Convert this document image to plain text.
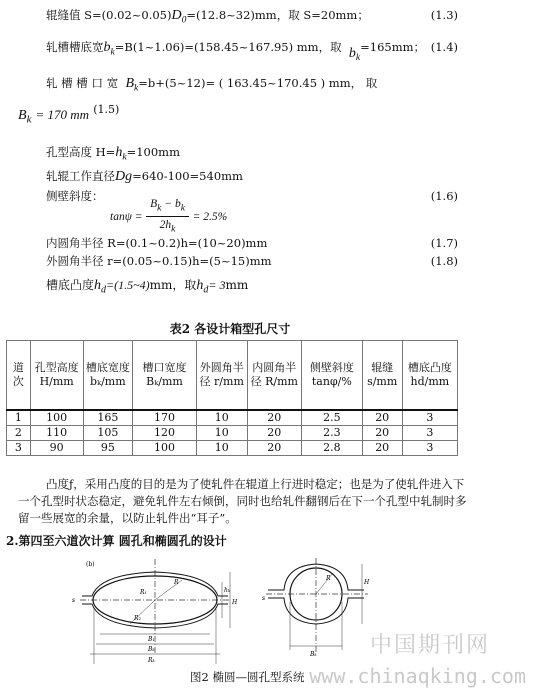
辊缝值 $S=(0.02\sim 0.05)D_0=(12.8\sim 32)mm$，取 S=20mm；	(1.3)
轧槽槽底宽$b_k=B(1\sim 1.06)=(158.45\sim 167.95)$ mm，取 $b_k=165mm$； (1.4)
轧 槽 槽 口 宽 $B_k=b+(5\sim 12)=$ ( 163.45~170.45 ) mm， 取
$B_k = 170$ mm $^{(1.5)}$
孔型高度 $H=h_k=100mm$
轧辊工作直径Dg=640-100=540mm
侧壁斜度：
$\tan\psi = \frac{B_k - b_k}{2h_k} = 2.5\%$
(1.6)
内圆角半径 R=(0.1~0.2)h=(10~20)mm	(1.7)
外圆角半径 r=(0.05~0.15)h=(5~15)mm	(1.8)
槽底凸度$h_d=(1.5\sim 4)mm$，取$h_d= 3mm$
表2 各设计箱型孔尺寸
道次	孔型高度 H/mm	槽底宽度 bₖ/mm	槽口宽度 Bₖ/mm	外圆角半径 r/mm	内圆角半径 R/mm	侧壁斜度 tanφ/%	辊缝 s/mm	槽底凸度 hd/mm
1	100	165	170	10	20	2.5	20	3
2	110	105	120	10	20	2.3	20	3
3	90	95	100	10	20	2.8	20	3
凸度ƒ，采用凸度的目的是为了使轧件在辊道上行进时稳定；也是为了使轧件进入下一个孔型时状态稳定，避免轧件左右倾倒，同时也给轧件翻钢后在下一个孔型中轧制时多留一些展宽的余量，以防止轧件出“耳子”。
2.第四至六道次计算 圆孔和椭圆孔的设计
(b)
R
R₁
R₂
B₁
Bₖ
Rₖ
H
hₖ
s
Bₖ
H
s
R
图2 椭圆—圆孔型系统
中国期刊网
www.chinaqking.com
